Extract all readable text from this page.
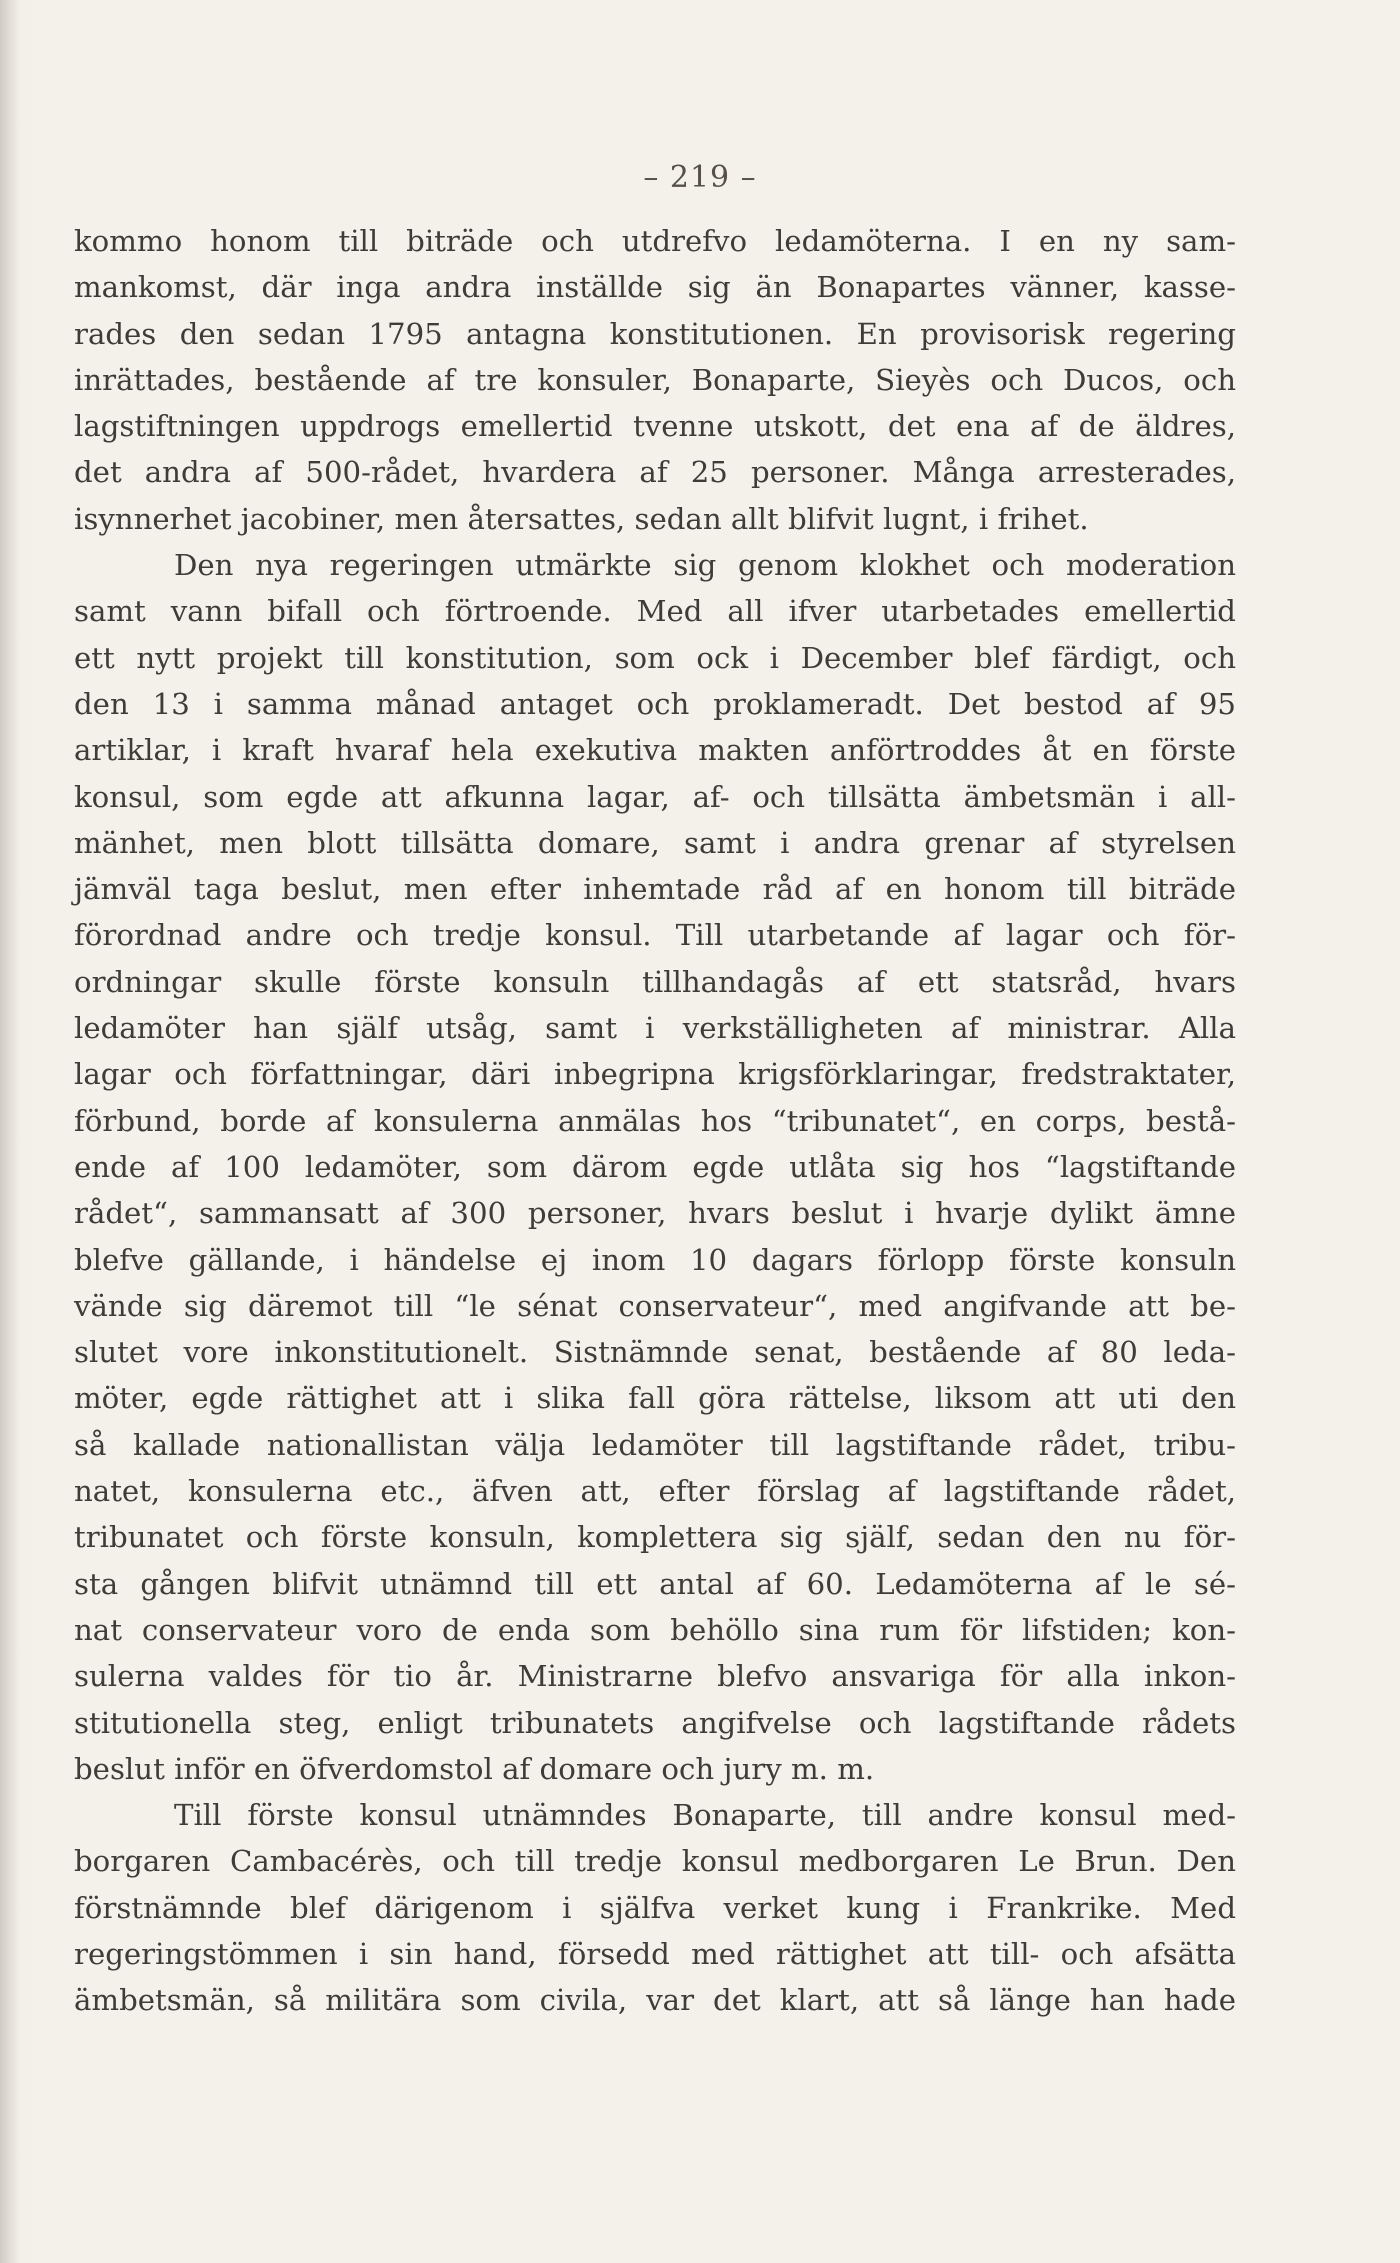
– 219 –
kommo honom till biträde och utdrefvo ledamöterna. I en ny sam-
mankomst, där inga andra inställde sig än Bonapartes vänner, kasse-
rades den sedan 1795 antagna konstitutionen. En provisorisk regering
inrättades, bestående af tre konsuler, Bonaparte, Sieyès och Ducos, och
lagstiftningen uppdrogs emellertid tvenne utskott, det ena af de äldres,
det andra af 500-rådet, hvardera af 25 personer. Många arresterades,
isynnerhet jacobiner, men återsattes, sedan allt blifvit lugnt, i frihet.
Den nya regeringen utmärkte sig genom klokhet och moderation
samt vann bifall och förtroende. Med all ifver utarbetades emellertid
ett nytt projekt till konstitution, som ock i December blef färdigt, och
den 13 i samma månad antaget och proklameradt. Det bestod af 95
artiklar, i kraft hvaraf hela exekutiva makten anförtroddes åt en förste
konsul, som egde att afkunna lagar, af- och tillsätta ämbetsmän i all-
mänhet, men blott tillsätta domare, samt i andra grenar af styrelsen
jämväl taga beslut, men efter inhemtade råd af en honom till biträde
förordnad andre och tredje konsul. Till utarbetande af lagar och för-
ordningar skulle förste konsuln tillhandagås af ett statsråd, hvars
ledamöter han själf utsåg, samt i verkställigheten af ministrar. Alla
lagar och författningar, däri inbegripna krigsförklaringar, fredstraktater,
förbund, borde af konsulerna anmälas hos “tribunatet“, en corps, bestå-
ende af 100 ledamöter, som därom egde utlåta sig hos “lagstiftande
rådet“, sammansatt af 300 personer, hvars beslut i hvarje dylikt ämne
blefve gällande, i händelse ej inom 10 dagars förlopp förste konsuln
vände sig däremot till “le sénat conservateur“, med angifvande att be-
slutet vore inkonstitutionelt. Sistnämnde senat, bestående af 80 leda-
möter, egde rättighet att i slika fall göra rättelse, liksom att uti den
så kallade nationallistan välja ledamöter till lagstiftande rådet, tribu-
natet, konsulerna etc., äfven att, efter förslag af lagstiftande rådet,
tribunatet och förste konsuln, komplettera sig själf, sedan den nu för-
sta gången blifvit utnämnd till ett antal af 60. Ledamöterna af le sé-
nat conservateur voro de enda som behöllo sina rum för lifstiden; kon-
sulerna valdes för tio år. Ministrarne blefvo ansvariga för alla inkon-
stitutionella steg, enligt tribunatets angifvelse och lagstiftande rådets
beslut inför en öfverdomstol af domare och jury m. m.
Till förste konsul utnämndes Bonaparte, till andre konsul med-
borgaren Cambacérès, och till tredje konsul medborgaren Le Brun. Den
förstnämnde blef därigenom i själfva verket kung i Frankrike. Med
regeringstömmen i sin hand, försedd med rättighet att till- och afsätta
ämbetsmän, så militära som civila, var det klart, att så länge han hade
